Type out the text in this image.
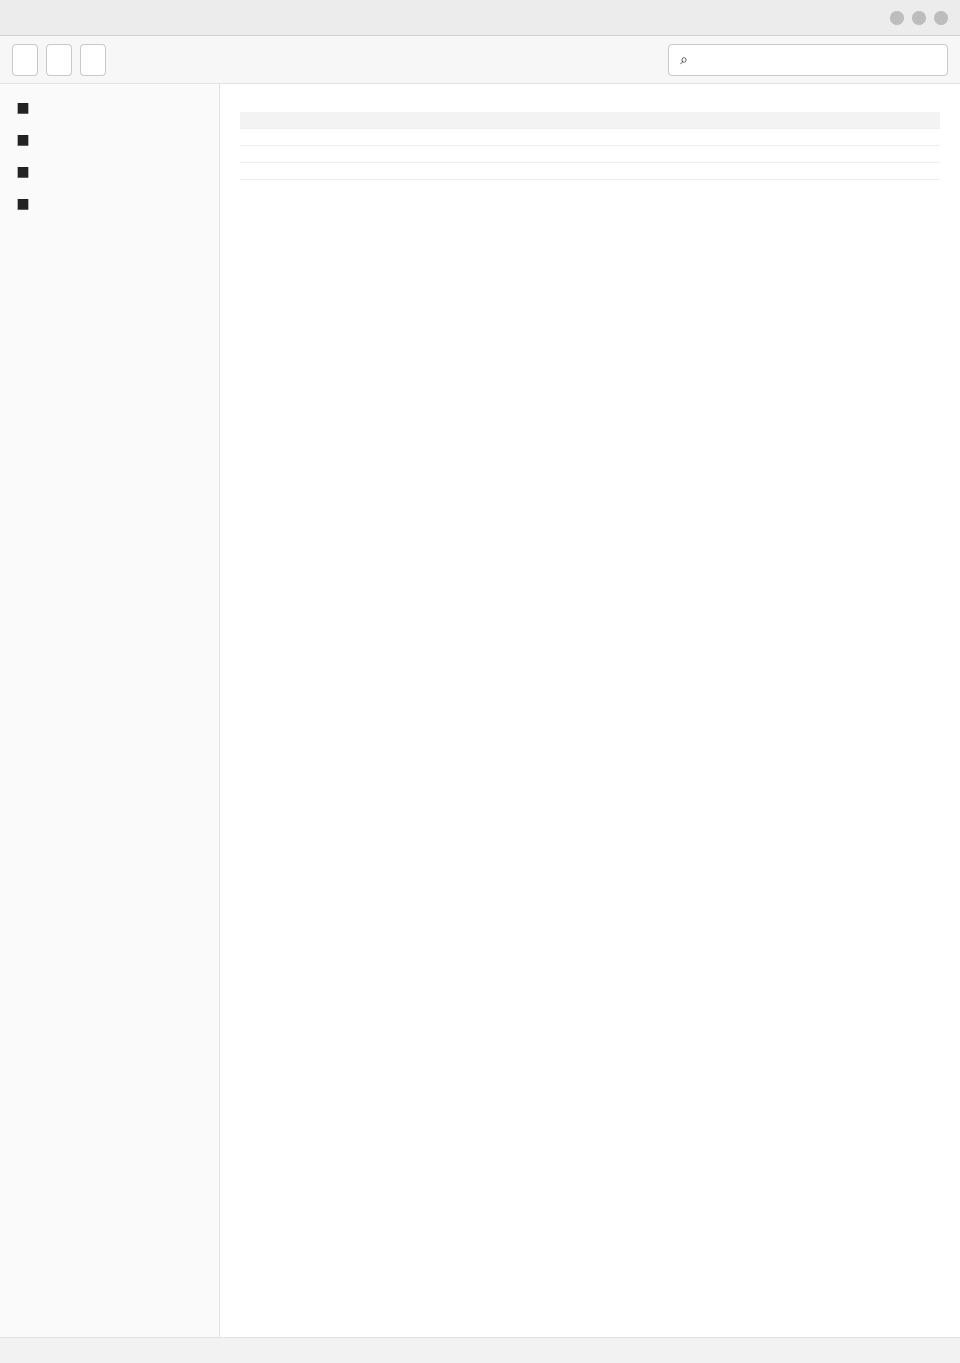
⌕
■
■
■
■
